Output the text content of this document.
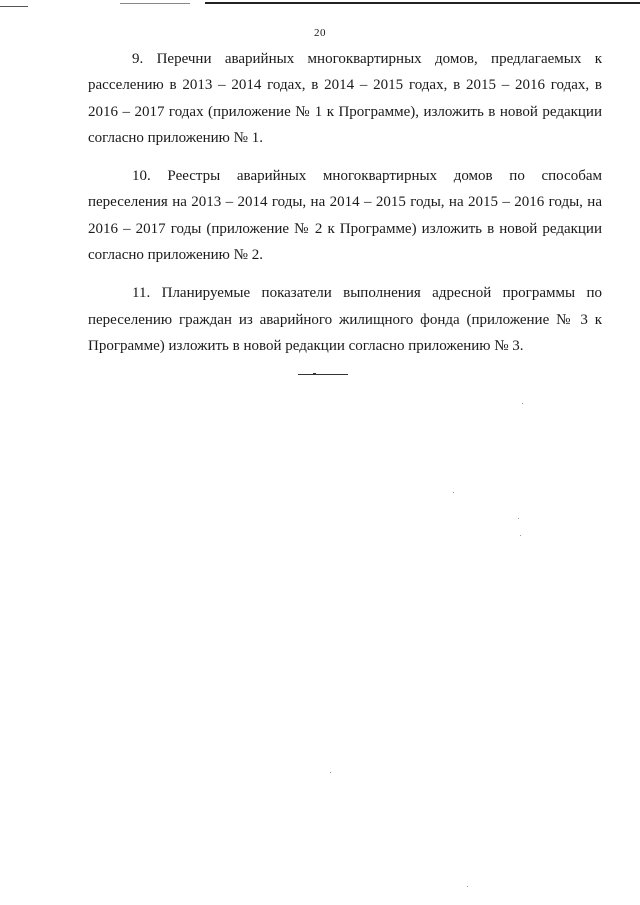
20

9. Перечни аварийных многоквартирных домов, предлагаемых к расселению в 2013 – 2014 годах, в 2014 – 2015 годах, в 2015 – 2016 годах, в 2016 – 2017 годах (приложение № 1 к Программе), изложить в новой редакции согласно приложению № 1.

10. Реестры аварийных многоквартирных домов по способам переселения на 2013 – 2014 годы, на 2014 – 2015 годы, на 2015 – 2016 годы, на 2016 – 2017 годы (приложение № 2 к Программе) изложить в новой редакции согласно приложению № 2.

11. Планируемые показатели выполнения адресной программы по переселению граждан из аварийного жилищного фонда (приложение № 3 к Программе) изложить в новой редакции согласно приложению № 3.
